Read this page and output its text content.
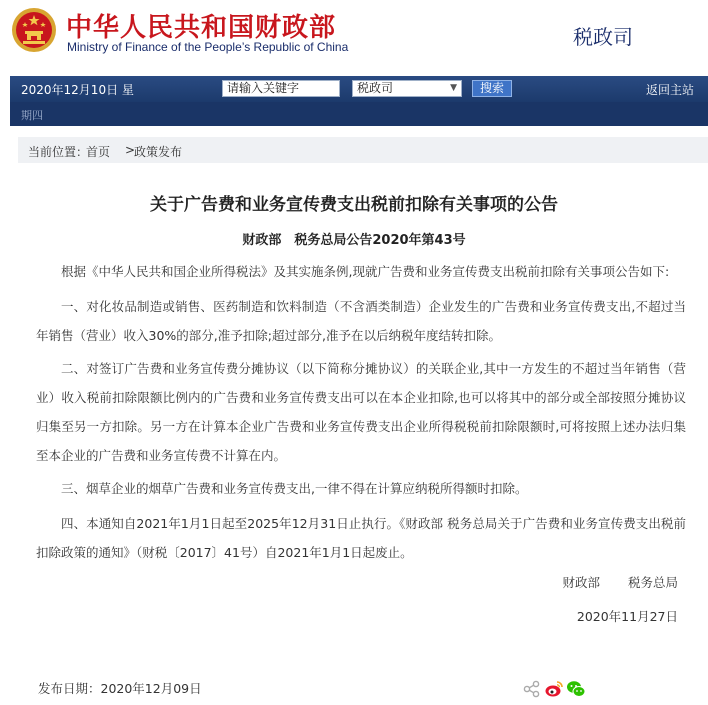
中华人民共和国财政部
Ministry of Finance of the People’s Republic of China	税政司
2020年12月10日 星
请输入关键字	税政司	▼	搜索	返回主站
期四
当前位置：
首页 >
政策发布
关于广告费和业务宣传费支出税前扣除有关事项的公告
财政部　税务总局公告2020年第43号

根据《中华人民共和国企业所得税法》及其实施条例,现就广告费和业务宣传费支出税前扣除有关事项公告如下:

一、对化妆品制造或销售、医药制造和饮料制造（不含酒类制造）企业发生的广告费和业务宣传费支出,不超过当年销售（营业）收入30%的部分,准予扣除;超过部分,准予在以后纳税年度结转扣除。

二、对签订广告费和业务宣传费分摊协议（以下简称分摊协议）的关联企业,其中一方发生的不超过当年销售（营业）收入税前扣除限额比例内的广告费和业务宣传费支出可以在本企业扣除,也可以将其中的部分或全部按照分摊协议归集至另一方扣除。另一方在计算本企业广告费和业务宣传费支出企业所得税税前扣除限额时,可将按照上述办法归集至本企业的广告费和业务宣传费不计算在内。

三、烟草企业的烟草广告费和业务宣传费支出,一律不得在计算应纳税所得额时扣除。

四、本通知自2021年1月1日起至2025年12月31日止执行。《财政部 税务总局关于广告费和业务宣传费支出税前扣除政策的通知》（财税〔2017〕41号）自2021年1月1日起废止。

财政部 税务总局
2020年11月27日
发布日期：2020年12月09日
